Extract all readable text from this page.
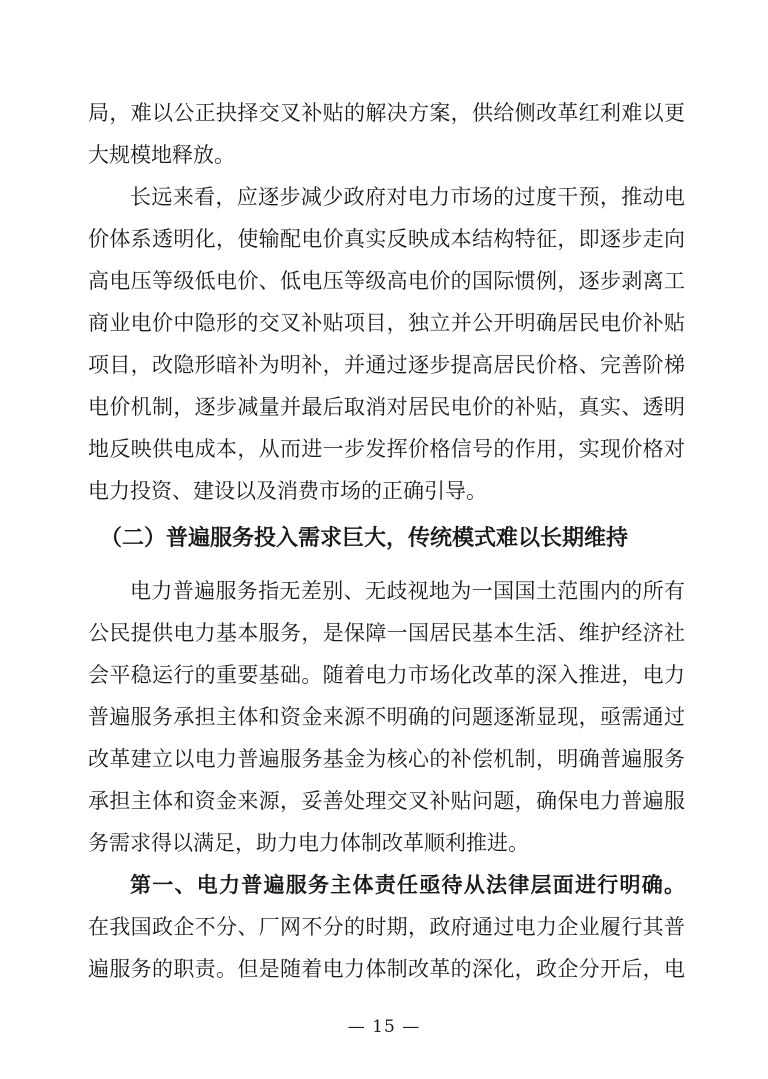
局，难以公正抉择交叉补贴的解决方案，供给侧改革红利难以更
大规模地释放。
长远来看，应逐步减少政府对电力市场的过度干预，推动电
价体系透明化，使输配电价真实反映成本结构特征，即逐步走向
高电压等级低电价、低电压等级高电价的国际惯例，逐步剥离工
商业电价中隐形的交叉补贴项目，独立并公开明确居民电价补贴
项目，改隐形暗补为明补，并通过逐步提高居民价格、完善阶梯
电价机制，逐步减量并最后取消对居民电价的补贴，真实、透明
地反映供电成本，从而进一步发挥价格信号的作用，实现价格对
电力投资、建设以及消费市场的正确引导。
（二）普遍服务投入需求巨大，传统模式难以长期维持
电力普遍服务指无差别、无歧视地为一国国土范围内的所有
公民提供电力基本服务，是保障一国居民基本生活、维护经济社
会平稳运行的重要基础。随着电力市场化改革的深入推进，电力
普遍服务承担主体和资金来源不明确的问题逐渐显现，亟需通过
改革建立以电力普遍服务基金为核心的补偿机制，明确普遍服务
承担主体和资金来源，妥善处理交叉补贴问题，确保电力普遍服
务需求得以满足，助力电力体制改革顺利推进。
第一、电力普遍服务主体责任亟待从法律层面进行明确。
在我国政企不分、厂网不分的时期，政府通过电力企业履行其普
遍服务的职责。但是随着电力体制改革的深化，政企分开后，电
— 15 —
